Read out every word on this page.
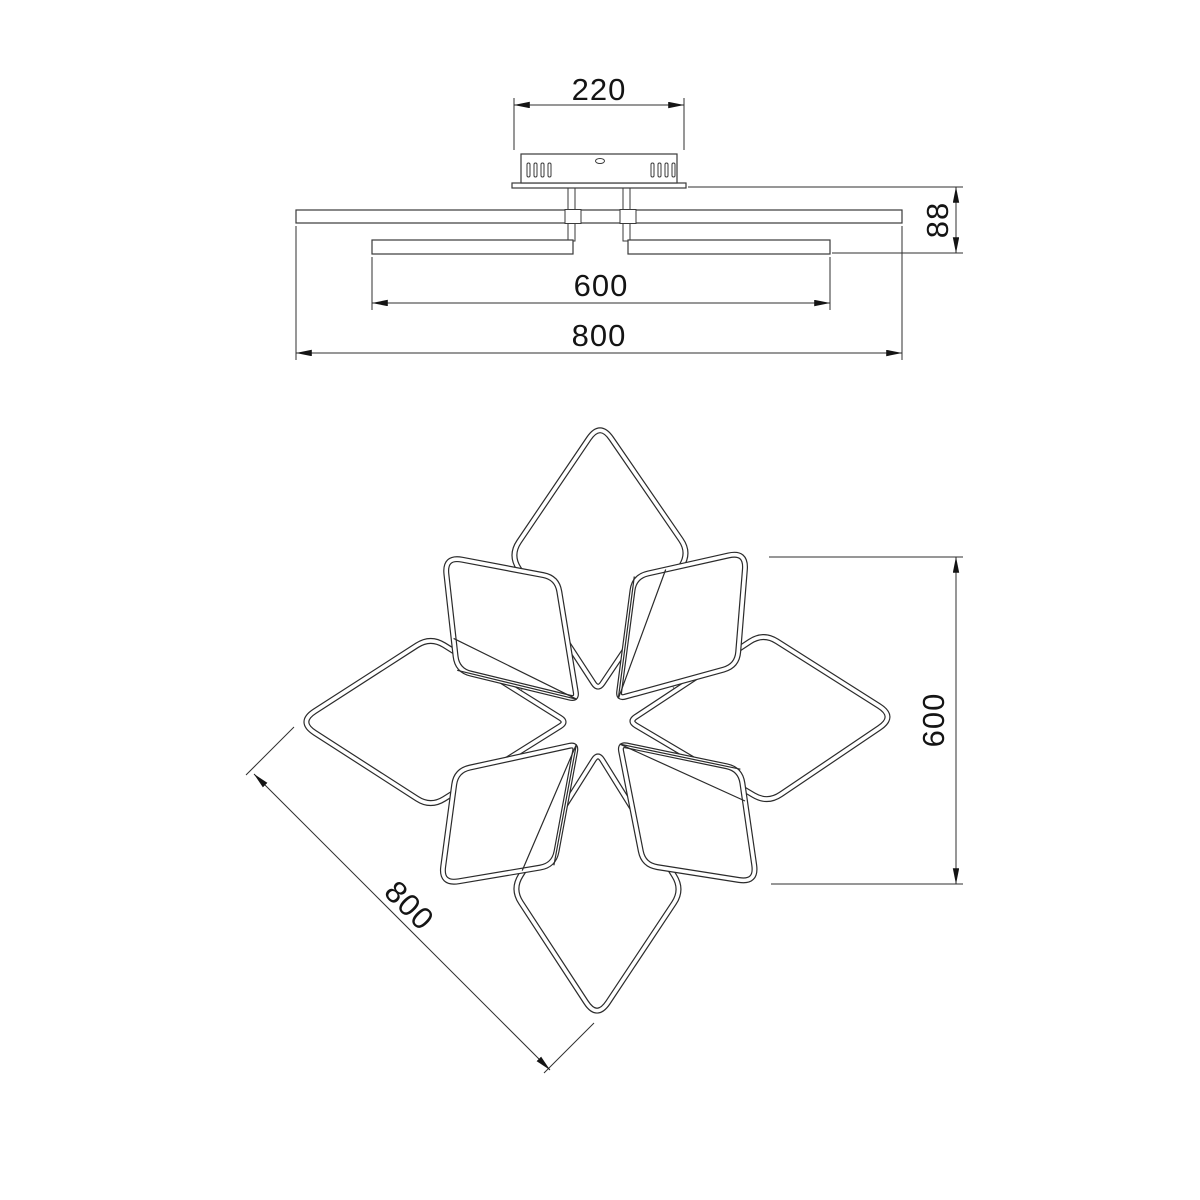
220
600
800
88
800
600
